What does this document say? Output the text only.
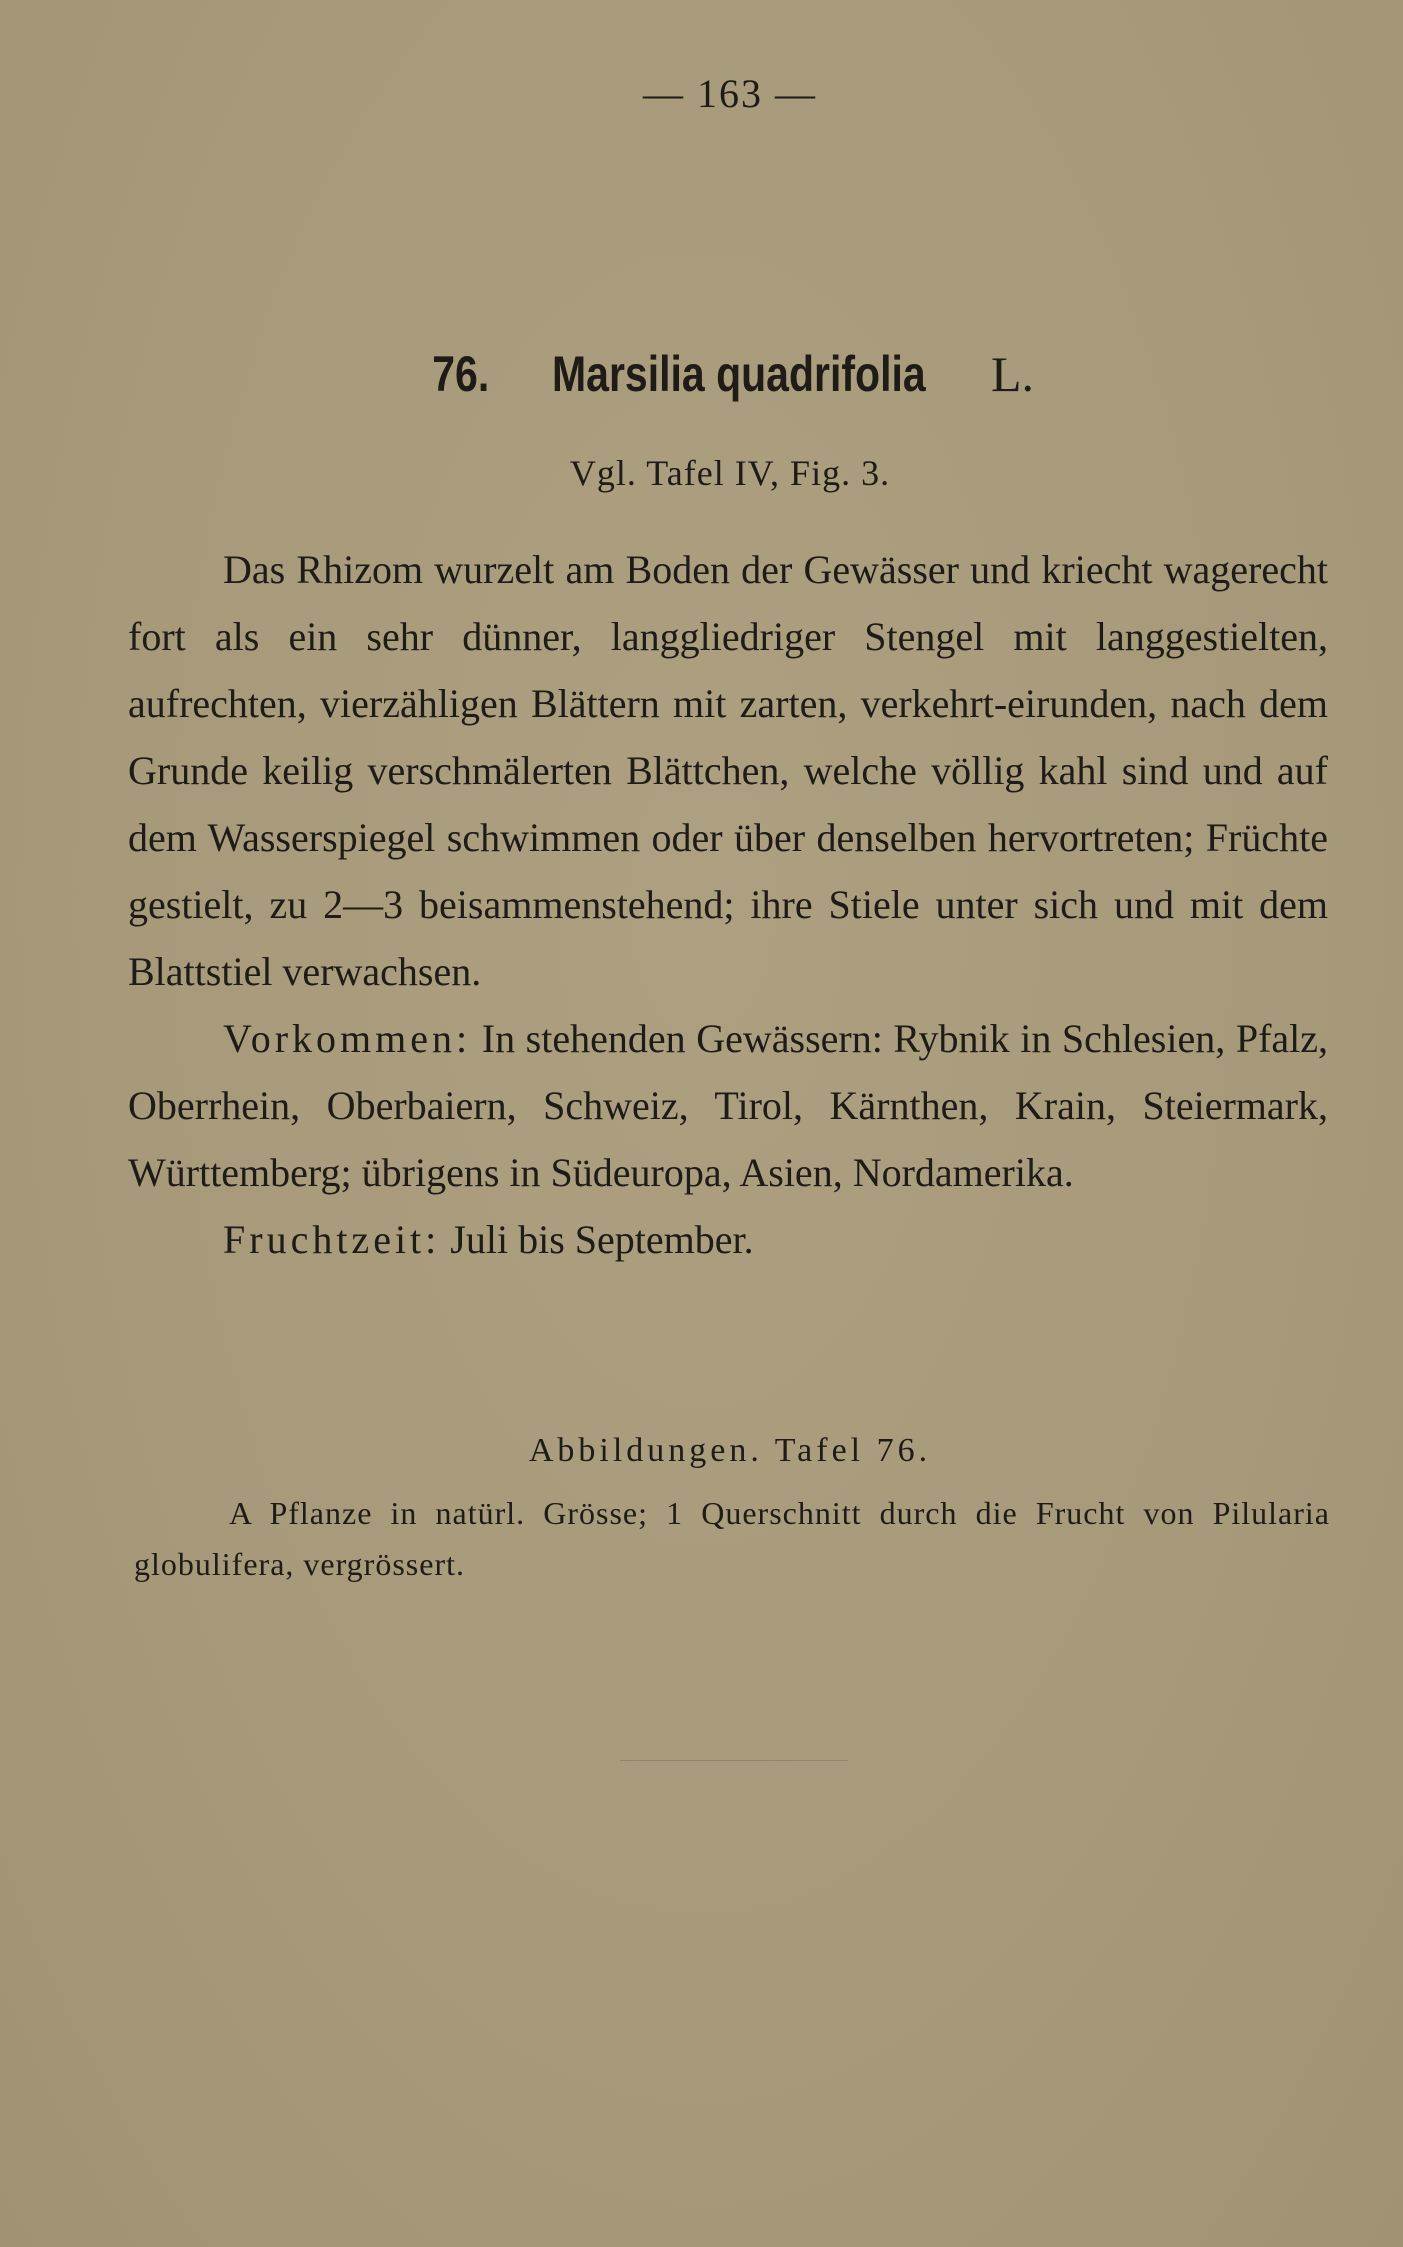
— 163 —
76. Marsilia quadrifolia L.
Vgl. Tafel IV, Fig. 3.

Das Rhizom wurzelt am Boden der Gewässer und kriecht wagerecht fort als ein sehr dünner, langgliedriger Stengel mit langgestielten, aufrechten, vierzähligen Blättern mit zarten, verkehrt-eirunden, nach dem Grunde keilig verschmälerten Blättchen, welche völlig kahl sind und auf dem Wasserspiegel schwimmen oder über denselben hervortreten; Früchte gestielt, zu 2—3 beisammenstehend; ihre Stiele unter sich und mit dem Blattstiel verwachsen.

Vorkommen: In stehenden Gewässern: Rybnik in Schlesien, Pfalz, Oberrhein, Oberbaiern, Schweiz, Tirol, Kärnthen, Krain, Steiermark, Württemberg; übrigens in Südeuropa, Asien, Nordamerika.

Fruchtzeit: Juli bis September.

Abbildungen. Tafel 76.

A Pflanze in natürl. Grösse; 1 Querschnitt durch die Frucht von Pilularia globulifera, vergrössert.
